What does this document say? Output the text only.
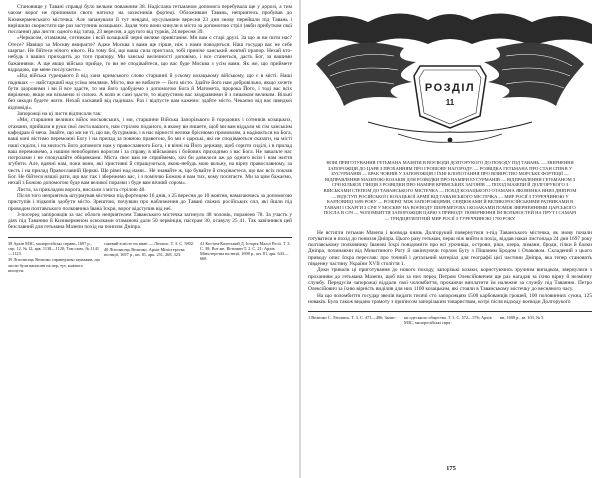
Становище у Тавані справді було вельми поважним 38. Надіслана гетьманом допомога перебувала ще у дорозі, а тим часом ворог не припиняли свого натиску на захисників фортеці. Обложивши Тавань, неприятель пробував до Кизикерменського містечка. Але запанували й тут невдачі, мусульмани вересня 23 дня знову перейшли під Тавань і вирішили скористати ще раз заступник козацьких. Задля того вони кинули в місто за допомогою стріл (якби прибутком свої послання) два листи: одного від татар, 23 вересня, а другого від турків, 24 вересня 39.

«Черкасом, отаманам, сотникам і всій козацькій черні велике привітання. Ми вам є старі друзі. За що ж ви пити нас? Отесе? Навіщо за Москву вмираєте? Адже Москва з вами ще гірше, ніж з нами поводиться. Наш государ вас не себе шарпає. Не бійтеся нічого нікого. На тому бої, що ваша сила пристала, тобі приніче ханський жовтий прапор. Нехай кто-небудь з ваших приходить до того прапору. Ми ханські величності доповімо, і все станеться, дасть Бог, за вашими бажаннями. А ще якщо військо прийде, то ви не сподівайтеся, що вас буде Москва з усім вами. Як же, що приймете відрадою, ще мене послухаєте».

«Від війська турецького й від хана кримського слово старшині й усьому козацькому війському, що є в місті. Наші падишах — найстарший над усіма землями. Місто, яке не вибачте — його місто. Здайте його нам добровільно, якщо хочете бути здоровими і ви й все здасте, то ми його здобудемо з допомогою Бога й Магомета, пророка Його, і тоді вас всіх виріжемо, якщо ми візьмемо зі силою. А коли ж самі здасте, то відпустимо вас заздравними й з лишоком великим. Вільні без шкоди будете жити. Нехай ласкавий від падишах. Раз і відпусте вам кажемо: здайте місто. Чекаємо від вас швидкої відповіді».

Запорожці на ці листи відписали так:

«Ми, старшини великих війск московських, і ми, старшини Війська Запорізького й городових і сотників козацьких, отамани, прийшли в руки свої листа вашого, нам стрілою поданого, в якому ви пишете, щоб ми вам віддали мі сім ханським кафедрам й меча. Знайте, що ми не ті, що ви, бусурмани, і в нас вірності велике бріснюмо промовлям, а надіюкться на Бога, ваші коні вістимо переможні Богу і на прилад за повною правотою, бо ми є царські, які не сподіваються сказати, на місті наші сиділи, і на милость його допомоги нам у православного Бога, і в вічні на Його державу, щоб сорити сиділі, і в прилад ваш переможемо, а нашим непоборимо ворогам і за справу, в військових і бойових приходимо з вас Бога. Не завальте нас погрозами і не спокушайте обіцянками. Міста своє вам не сприймемо, хоч би довелося аж до одного всім і нам життя згубити. Але, вдячні нам, поки вони, які християні й спрашуються, якою-небудь мою вольну, на вірну православному, за честь і на прилад Православній Церкві. Ще рівні над нами... Не знавайте ж, що бувайте й сподіваєтеся, що вас всіх поклав Бог. Не бійтеся нашої рати, що вас так і збережемо вас, і з поміччю Божою я вам тих, кому посягаєте. Ми за цим бажаємо, нехай з Божою допомогою буде вам великої поразки і буде вам вічний сором».

Листа, за прикладом ворога, вислали з міста стрілою 40.

Після того неприятель штурмував містечко під фортецею 16 днів, з 25 вересня до 10 жовтня, намагаючись за допомогою приступів і підкопів здобути місто. Зрештою, почувши про наближення до Тавані свіжих російських сил, які йшли під проводом полтавського полковника Івана Іскри, ворог відступив від неї.

З-посеред запорожців за час облоги неприятелем Таванського містечка загинуло 48 чоловік, поранено 78. За участь у діях під Таванню й Кизикерменом осколками отаманові дали 50 червінців, пасєрам 30, осавулу 25 41. Так завічнився цей безславний для гетьмана Мазепи похід на пониззя Дніпра.

38 Архів МЗС, малоросійські справи, 1697 р., спр. 12, № 12, арк. 1138—1120; Там само, № 1141—1123.

39 Літописець Величко справедливо зауважив, що листи були написані на пер, тут, кожного писнути.

сакевий в місто на вікні — Літопис. Т. 3. С. 5802.

40 Літописець Величко. Архів Міністерства юстиції, 1697 р., кн. 81, арк. 251, 268, 323.

41 Костом-Калеський Д. Історія Малої Росії. Т. 3. С. 38; Вот же, Истомин Т. 2. С. 21; Архів Міністерства юстиції, 1698 р., кн. 81, арк. 643—668.

РОЗДІЛ
11
НОВІ ПРИГОТУВАННЯ ГЕТЬМАНА МАЗЕПИ В ВОЄВОДИ ДОЛГОРУКОГО ДО ПОХОДУ ПІД ТАВАНЬ. — ЗВЕРНЕННЯ ЗАПОРОЖЦІВ ДО ЦАРЯ З ПРОХАННЯМ ПРО ГРОШОВУ НАГОРОДУ. — РОЗВІДКА ГЕТЬМАНА ПРО СТАН СПРАВ У БУСУРМАНІВ — БРАК ЧОВНІВ У ЗАПОРОЖЦІВ І ЇХНІ КЛОПОТАННЯ ПРО ВІЗВІРСТВО МОРСЬКЕ ФОРТЕЦІЇ — ВІДПРАВЛЕННЯ МАЗЕПОЮ КОЗАКІВ ДЛЯ РОЗВІДКИ ПРО НАМІРИ БУСУРМАНІВ — ВІДПРАВЛЕННЯ ГЕТЬМАНОМ З СІЧІ КІЛЬКОХ ГІНЦІВ З РОЗВІДКИ ПРО НАМІРИ КРИМСЬКИХ ЗАГОНІВ — ПОХІД МАЗЕПИ Й ДОЛГОРУКОГО З ВІЙСЬКАМИ СТЕПОМ ДО ТАВАНСЬКОГО МІСТЕЧКА — ПОХІД КОЗАЦЬКОГО ОТАМАНА ЯКОВЕНКА ВНИЗ ДНІПРОМ — ВІДСТУП РОСІЙСЬКОЇ І КОЗАЦЬКОЇ АРМІЇ ВІД ТАВАНСЬКОГО МІСТЕЧКА — МИР РОСІЇ З ТУРЕЧЧИНОЮ У КАРЛОВИЦІ 1699 РОКУ — РОЗБРАТ МІЖ ЗАПОРОЖЦЯМИ, СЕРДЮКАМИ Й ВЕЛИКОРОСІЙСЬКИМИ РАТНИКАМИ В ТАВАНІ І СКАРГИ З СІЧІ У МОСКВУ НА ВОЄВОДУ ШЕРЕМЕТЄВА І КОЗАКАМИ ПОМІЖ ЗВЕРНЕННЯМИ ЦАРСЬКОГО ПОСЛА В СІЧ — ЧОЛОМБИТТЯ ЗАПОРОЖЦІВ ЦАРЮ З ПРИВОДУ ПОВЕРНЕННЯ ЇМ ВОЛЬНОСТЕЙ НА ПРУТ І САМАРІ — ТРИДЦЯТИЛІТНІЙ МИР РОСІЇ З ТУРЕЧЧИНОЮ 1700 РОКУ.

Не встигли гетьман Мазепа і воєвода князь Долгорукий повернутися з-під Таванського містечка, як знову почали готуватися в похід до пониззя Дніпра. Цього разу гетьман, перш ніж вийти в похід, віддав наказ листопада 24 дня 1697 року полтавському полковнику Іванові Іскрі повідомити про всі урочища, острови, ріки, озера, лимани, броди, гілки й балки Дніпра, починаючи від Микитиного Рогу й закінчуючи горлом Бугу з Пішаним Бродом і Очаковом. Складений з цього приводу опис Іскра переслав: про точний і детальний матеріал для географії цієї частини Дніпра, яка тепер становить південну частину України XVII століття 1.

Доки тривали ці приготування до нового походу, запорізькі козаки, користуючись зручним випадком, звернулися з проханням до гетьмана Мазепи, щоб він за них перед Петром Олексійовичем ще раз нагадав за їхню вірну й незмінну службу. Передусім запорожці віддали свої чоломбиття, прохаючи виплатити їм належне за службу під Таванню. Петро Олексійович за їхню вірність виділив для них 1100 козацьким, які стояли в Таванському містечку до весняного часу.

На що чоломбиття государ звелів видати тисячі сто запорожцям 1500 карбованців грошей, 100 половинних сукна, 125 новаків. Було також видано грамоту з приписом запорізьким товариствам, котрі після відходу воєводи Долгорукого

1 Величко С. Літопись. Т. 3. С. 471—486; Запис-	ки одеського общества. Т. 3. С. 572—576; Архів МЗС, малоросійські спра-

ви, 1698 р., зв. 103, № 5.

175
